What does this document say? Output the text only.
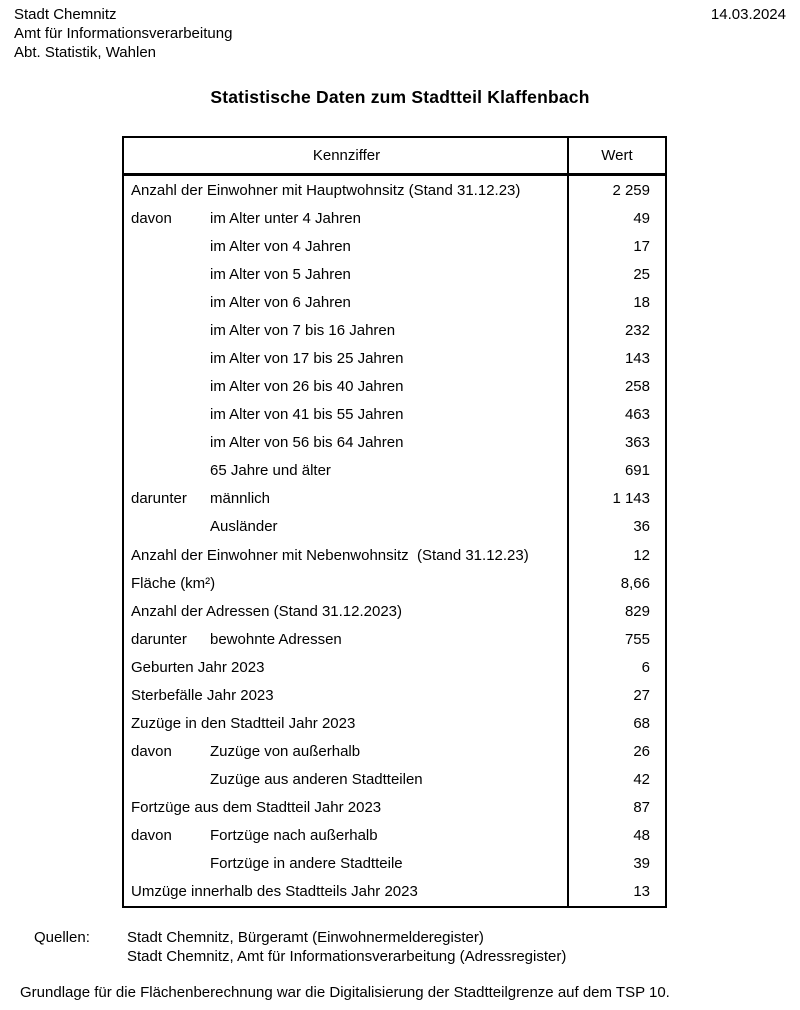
Stadt Chemnitz
Amt für Informationsverarbeitung
Abt. Statistik, Wahlen
14.03.2024
Statistische Daten zum Stadtteil Klaffenbach
Kennziffer	Wert
Anzahl der Einwohner mit Hauptwohnsitz (Stand 31.12.23)	2 259
davon	im Alter unter 4 Jahren	49
im Alter von 4 Jahren	17
im Alter von 5 Jahren	25
im Alter von 6 Jahren	18
im Alter von 7 bis 16 Jahren	232
im Alter von 17 bis 25 Jahren	143
im Alter von 26 bis 40 Jahren	258
im Alter von 41 bis 55 Jahren	463
im Alter von 56 bis 64 Jahren	363
65 Jahre und älter	691
darunter männlich	1 143
Ausländer	36
Anzahl der Einwohner mit Nebenwohnsitz  (Stand 31.12.23)	12
Fläche (km²)	8,66
Anzahl der Adressen (Stand 31.12.2023)	829
darunter bewohnte Adressen	755
Geburten Jahr 2023	6
Sterbefälle Jahr 2023	27
Zuzüge in den Stadtteil Jahr 2023	68
davon	Zuzüge von außerhalb	26
Zuzüge aus anderen Stadtteilen	42
Fortzüge aus dem Stadtteil Jahr 2023	87
davon	Fortzüge nach außerhalb	48
Fortzüge in andere Stadtteile	39
Umzüge innerhalb des Stadtteils Jahr 2023	13
Quellen: Stadt Chemnitz, Bürgeramt (Einwohnermelderegister)
Stadt Chemnitz, Amt für Informationsverarbeitung (Adressregister)
Grundlage für die Flächenberechnung war die Digitalisierung der Stadtteilgrenze auf dem TSP 10.
